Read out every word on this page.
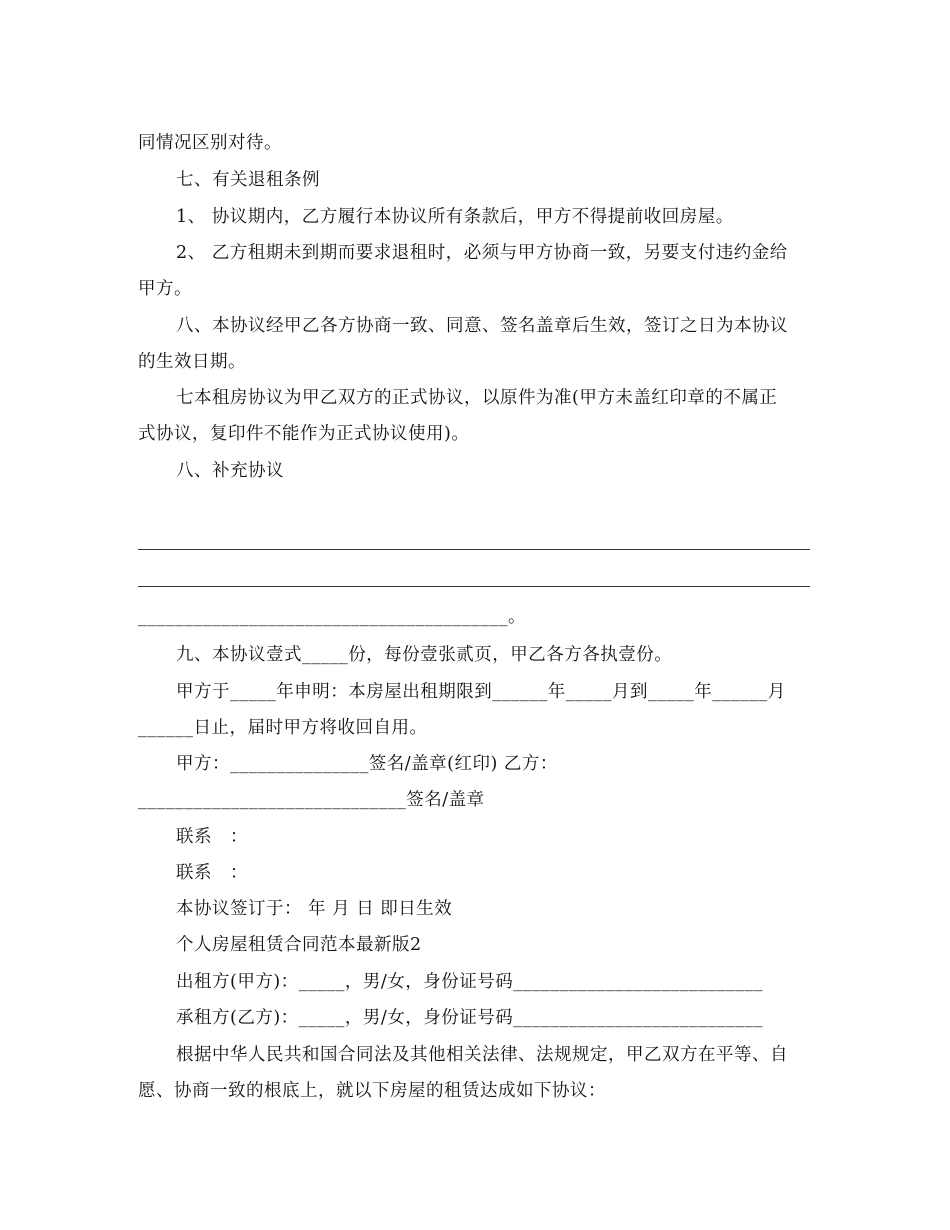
同情况区别对待。
七、有关退租条例
1、 协议期内，乙方履行本协议所有条款后，甲方不得提前收回房屋。
2、 乙方租期未到期而要求退租时，必须与甲方协商一致，另要支付违约金给
甲方。
八、本协议经甲乙各方协商一致、同意、签名盖章后生效，签订之日为本协议
的生效日期。
七本租房协议为甲乙双方的正式协议，以原件为准(甲方未盖红印章的不属正
式协议，复印件不能作为正式协议使用)。
八、补充协议
________________________________________。
九、本协议壹式_____份，每份壹张贰页，甲乙各方各执壹份。
甲方于_____年申明：本房屋出租期限到______年_____月到_____年______月
______日止，届时甲方将收回自用。
甲方：_______________签名/盖章(红印) 乙方：
_____________________________签名/盖章
联系　：
联系　：
本协议签订于： 年 月 日 即日生效
个人房屋租赁合同范本最新版2
出租方(甲方)：_____，男/女，身份证号码___________________________
承租方(乙方)：_____，男/女，身份证号码___________________________
根据中华人民共和国合同法及其他相关法律、法规规定，甲乙双方在平等、自
愿、协商一致的根底上，就以下房屋的租赁达成如下协议：
